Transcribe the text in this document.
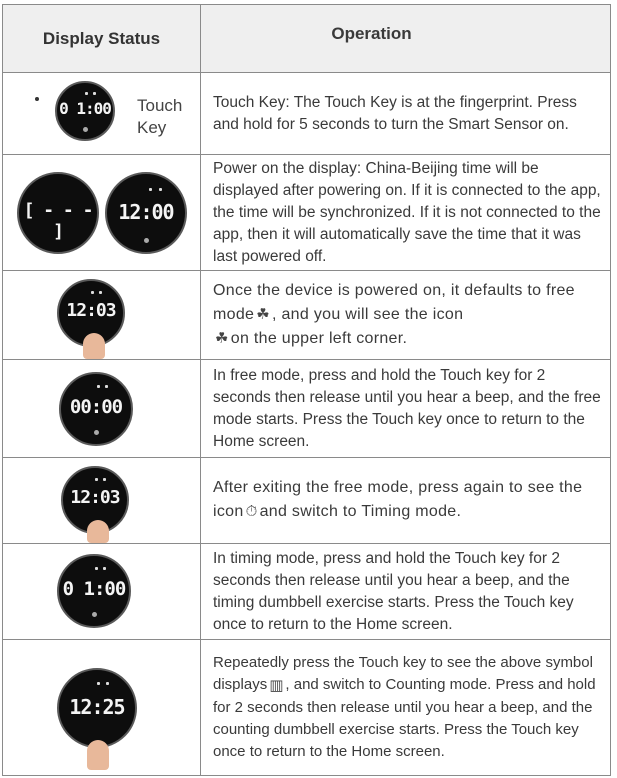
Display Status	Operation
0 1:00 Touch
Key
Touch Key: The Touch Key is at the fingerprint. Press and hold for 5 seconds to turn the Smart Sensor on.
[ - - - ]
12:00
Power on the display: China-Beijing time will be displayed after powering on. If it is connected to the app, the time will be synchronized. If it is not connected to the app, then it will automatically save the time that it was last powered off.
12:03
Once the device is powered on, it defaults to free mode ☘ , and you will see the icon
☘ on the upper left corner.
00:00
In free mode, press and hold the Touch key for 2 seconds then release until you hear a beep, and the free mode starts. Press the Touch key once to return to the Home screen.
12:03	After exiting the free mode, press again to see the icon ⏱ and switch to Timing mode.
0 1:00
In timing mode, press and hold the Touch key for 2 seconds then release until you hear a beep, and the timing dumbbell exercise starts. Press the Touch key once to return to the Home screen.
12:25
Repeatedly press the Touch key to see the above symbol displays ▥ , and switch to Counting mode. Press and hold for 2 seconds then release until you hear a beep, and the counting dumbbell exercise starts. Press the Touch key once to return to the Home screen.
